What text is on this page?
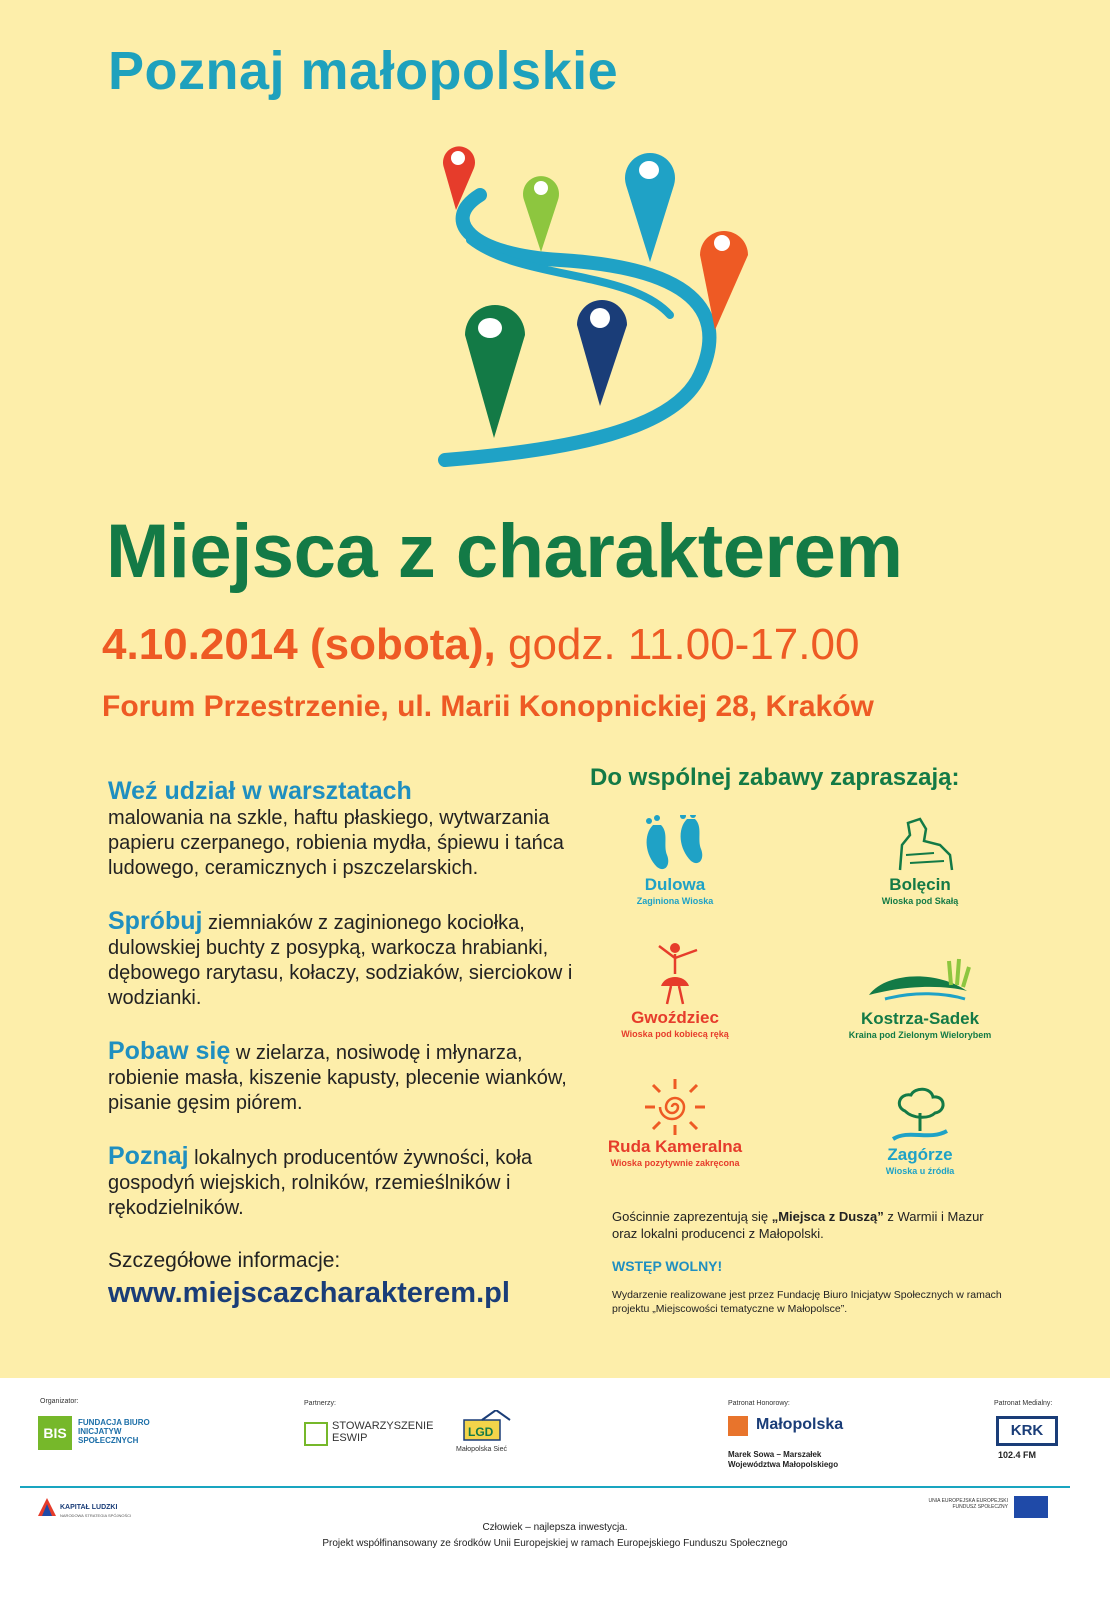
Poznaj małopolskie
Miejsca z charakterem
4.10.2014 (sobota), godz. 11.00-17.00
Forum Przestrzenie, ul. Marii Konopnickiej 28, Kraków
Weź udział w warsztatach
malowania na szkle, haftu płaskiego, wytwarzania papieru czerpanego, robienia mydła, śpiewu i tańca ludowego, ceramicznych i pszczelarskich.
Spróbuj ziemniaków z zaginionego kociołka, dulowskiej buchty z posypką, warkocza hrabianki, dębowego rarytasu, kołaczy, sodziaków, sierciokow i wodzianki.
Pobaw się w zielarza, nosiwodę i młynarza, robienie masła, kiszenie kapusty, plecenie wianków, pisanie gęsim piórem.
Poznaj lokalnych producentów żywności, koła gospodyń wiejskich, rolników, rzemieślników i rękodzielników.
Szczegółowe informacje:
www.miejscazcharakterem.pl
Do wspólnej zabawy zapraszają:
Dulowa
Zaginiona Wioska
Bolęcin
Wioska pod Skałą
Gwoździec
Wioska pod kobiecą ręką
Kostrza-Sadek
Kraina pod Zielonym Wielorybem
Ruda Kameralna
Wioska pozytywnie zakręcona	Zagórze
Wioska u źródła
Gościnnie zaprezentują się „Miejsca z Duszą” z Warmii i Mazur oraz lokalni producenci z Małopolski.
WSTĘP WOLNY!
Wydarzenie realizowane jest przez Fundację Biuro Inicjatyw Społecznych w ramach projektu „Miejscowości tematyczne w Małopolsce”.
Organizator:
BIS
FUNDACJA BIURO INICJATYW SPOŁECZNYCH
Partnerzy:
STOWARZYSZENIE ESWIP	LGD
Małopolska Sieć
Patronat Honorowy:
Małopolska
Marek Sowa – Marszałek Województwa Małopolskiego
Patronat Medialny:
KRK
102.4 FM
KAPITAŁ LUDZKI
NARODOWA STRATEGIA SPÓJNOŚCI
UNIA EUROPEJSKA EUROPEJSKI FUNDUSZ SPOŁECZNY
Człowiek – najlepsza inwestycja.
Projekt współfinansowany ze środków Unii Europejskiej w ramach Europejskiego Funduszu Społecznego
